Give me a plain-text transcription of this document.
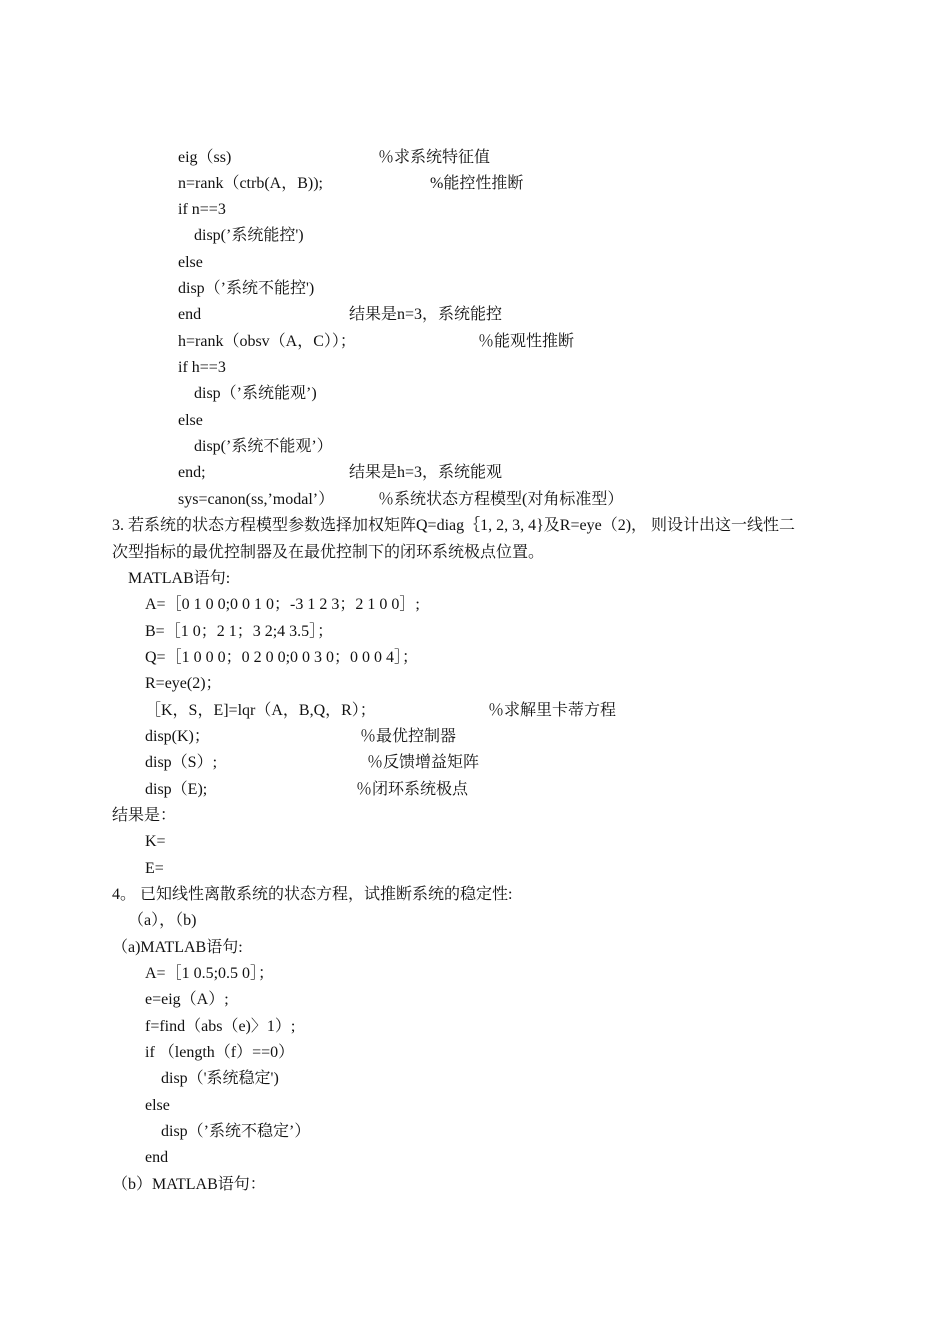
eig（ss)	％求系统特征值
n=rank（ctrb(A，B));	%能控性推断
if n==3
disp(’系统能控')
else
disp（’系统不能控')
end	结果是n=3，系统能控
h=rank（obsv（A，C））；	％能观性推断
if h==3
disp（’系统能观’)
else
disp(’系统不能观’）
end;	结果是h=3，系统能观
sys=canon(ss,’modal’）	％系统状态方程模型(对角标准型）
3. 若系统的状态方程模型参数选择加权矩阵Q=diag｛1, 2, 3, 4}及R=eye（2)， 则设计出这一线性二
次型指标的最优控制器及在最优控制下的闭环系统极点位置。
MATLAB语句:
A=［0 1 0 0;0 0 1 0；-3 1 2 3；2 1 0 0］;
B=［1 0；2 1；3 2;4 3.5］；
Q=［1 0 0 0；0 2 0 0;0 0 3 0；0 0 0 4］；
R=eye(2)；
［K，S，E]=lqr（A，B,Q，R）；	％求解里卡蒂方程
disp(K)；	％最优控制器
disp（S）;	％反馈增益矩阵
disp（E);	％闭环系统极点
结果是：
K=
E=
4。 已知线性离散系统的状态方程，试推断系统的稳定性:
（a），（b)
（a)MATLAB语句:
A=［1 0.5;0.5 0］；
e=eig（A）;
f=find（abs（e)〉1）;
if （length（f）==0）
disp（'系统稳定')
else
disp（’系统不稳定’）
end
（b）MATLAB语句：
